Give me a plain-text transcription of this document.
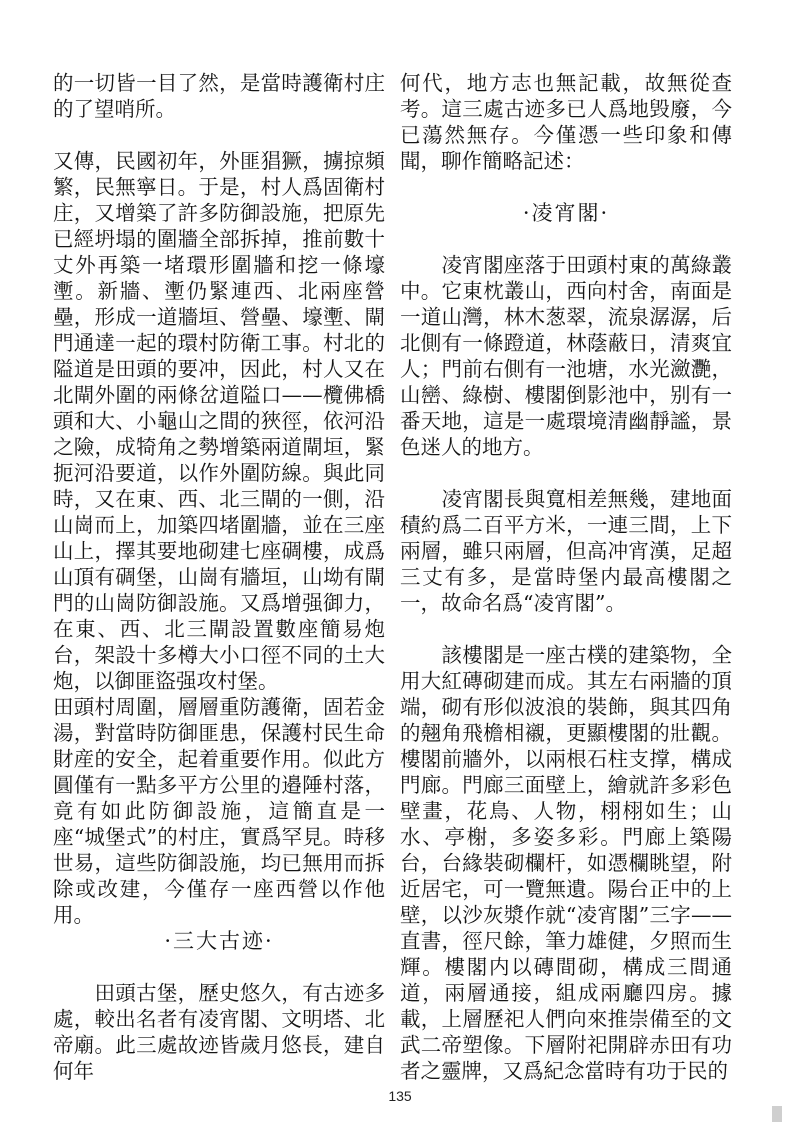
的一切皆一目了然，是當時護衛村庄的了望哨所。

又傳，民國初年，外匪猖獗，擄掠頻繁，民無寧日。于是，村人爲固衛村庄，又增築了許多防御設施，把原先已經坍塌的圍牆全部拆掉，推前數十丈外再築一堵環形圍牆和挖一條壕壍。新牆、壍仍緊連西、北兩座營壘，形成一道牆垣、營壘、壕壍、閘門通達一起的環村防衛工事。村北的隘道是田頭的要冲，因此，村人又在北閘外圍的兩條岔道隘口——欖佛橋頭和大、小龜山之間的狹徑，依河沿之險，成犄角之勢增築兩道閘垣，緊扼河沿要道，以作外圍防線。與此同時，又在東、西、北三閘的一側，沿山崗而上，加築四堵圍牆，並在三座山上，擇其要地砌建七座碉樓，成爲山頂有碉堡，山崗有牆垣，山坳有閘門的山崗防御設施。又爲增强御力，在東、西、北三閘設置數座簡易炮台，架設十多樽大小口徑不同的土大炮，以御匪盜强攻村堡。

田頭村周圍，層層重防護衛，固若金湯，對當時防御匪患，保護村民生命財産的安全，起着重要作用。似此方圓僅有一點多平方公里的邉陲村落，竟有如此防御設施，這簡直是一座“城堡式”的村庄，實爲罕見。時移世易，這些防御設施，均已無用而拆除或改建，今僅存一座西營以作他用。

·三大古迹·

　　田頭古堡，歷史悠久，有古迹多處，較出名者有凌宵閣、文明塔、北帝廟。此三處故迹皆歲月悠長，建自何年

何代，地方志也無記載，故無從查考。這三處古迹多已人爲地毁廢，今已蕩然無存。今僅憑一些印象和傳聞，聊作簡略記述：

·凌宵閣·

　　凌宵閣座落于田頭村東的萬綠叢中。它東枕叢山，西向村舍，南面是一道山灣，林木葱翠，流泉潺潺，后北側有一條蹬道，林蔭蔽日，清爽宜人；門前右側有一池塘，水光瀲灧，山巒、綠樹、樓閣倒影池中，别有一番天地，這是一處環境清幽靜謐，景色迷人的地方。

　　凌宵閣長與寬相差無幾，建地面積約爲二百平方米，一連三間，上下兩層，雖只兩層，但高冲宵漢，足超三丈有多，是當時堡内最高樓閣之一，故命名爲“凌宵閣”。

　　該樓閣是一座古樸的建築物，全用大紅磚砌建而成。其左右兩牆的頂端，砌有形似波浪的裝飾，與其四角的翹角飛檐相襯，更顯樓閣的壯觀。樓閣前牆外，以兩根石柱支撑，構成門廊。門廊三面壁上，繪就許多彩色壁畫，花鳥、人物，栩栩如生；山水、亭榭，多姿多彩。門廊上築陽台，台緣裝砌欄杆，如憑欄眺望，附近居宅，可一覽無遺。陽台正中的上壁，以沙灰漿作就“凌宵閣”三字——直書，徑尺餘，筆力雄健，夕照而生輝。樓閣内以磚間砌，構成三間通道，兩層通接，組成兩廳四房。據載，上層歷祀人們向來推崇備至的文武二帝塑像。下層附祀開辟赤田有功者之靈牌，又爲紀念當時有功于民的

135
